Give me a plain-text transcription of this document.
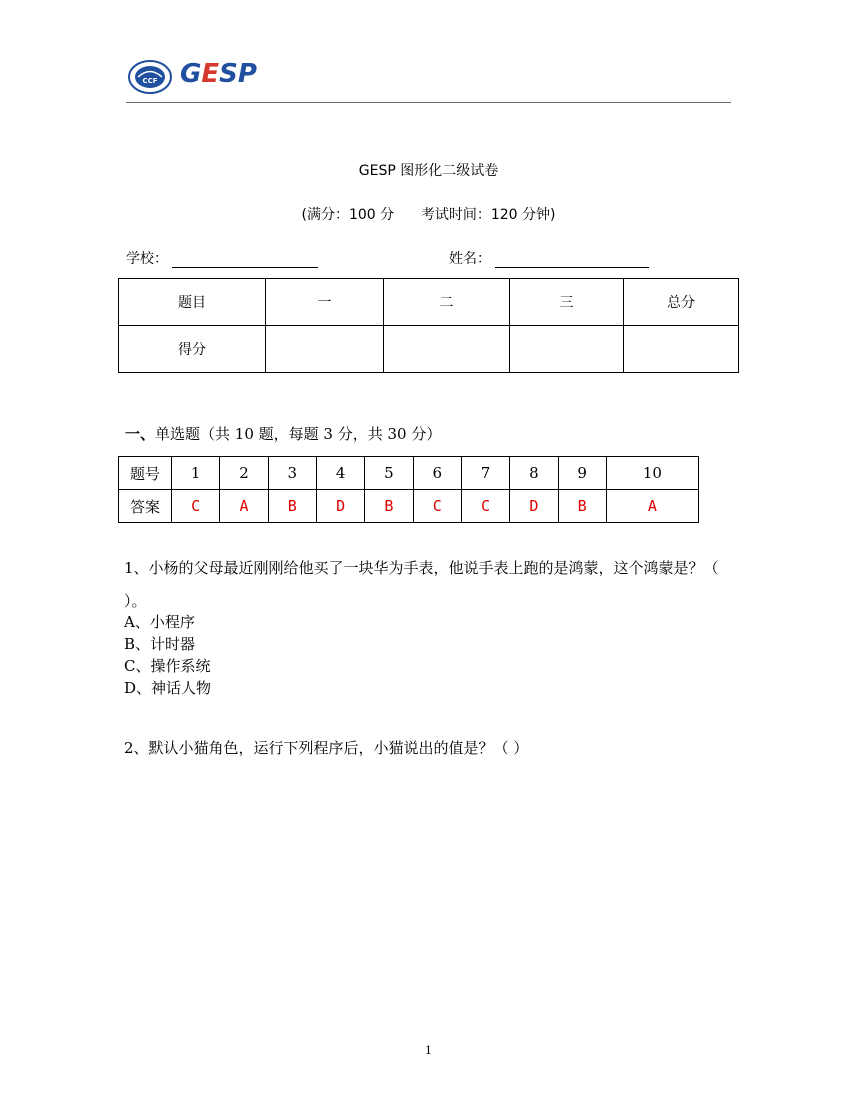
CCF GESP
GESP 图形化二级试卷
(满分：100 分      考试时间：120 分钟)
学校：	姓名：
题目	一	二	三	总分
得分				
一、单选题（共 10 题，每题 3 分，共 30 分）
题号	1	2	3	4	5	6	7	8	9	10
答案	C	A	B	D	B	C	C	D	B	A
1、小杨的父母最近刚刚给他买了一块华为手表，他说手表上跑的是鸿蒙，这个鸿蒙是？（ ）。
A、小程序
B、计时器
C、操作系统
D、神话人物
2、默认小猫角色，运行下列程序后，小猫说出的值是？（ ）
1
